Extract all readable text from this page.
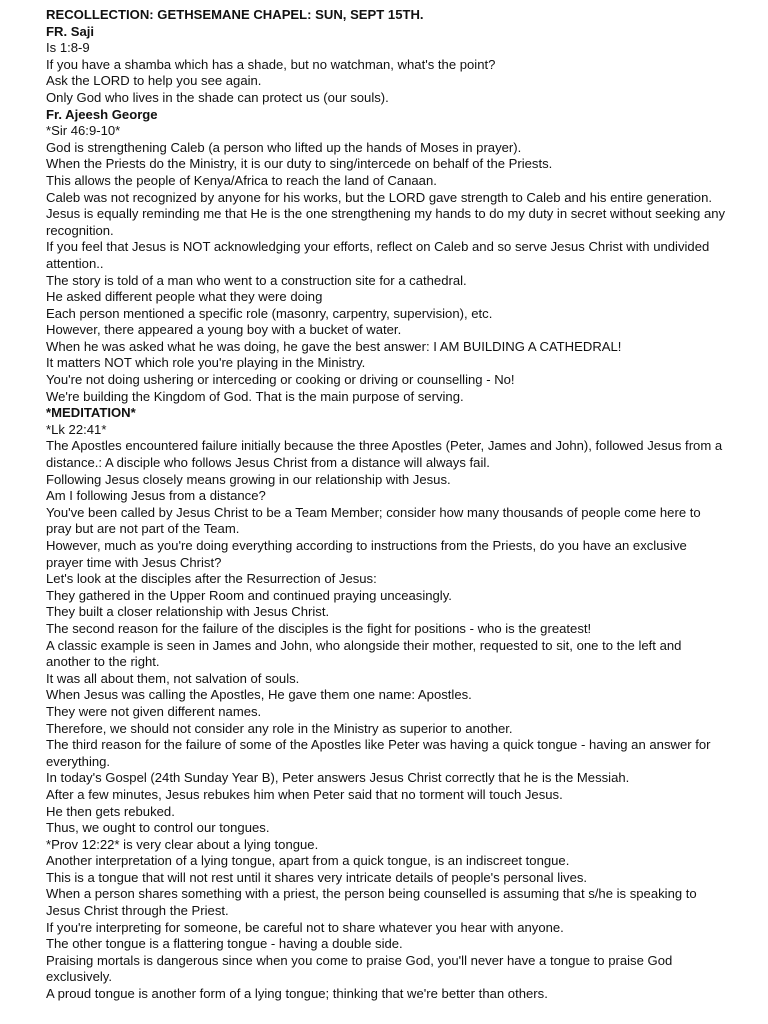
RECOLLECTION: GETHSEMANE CHAPEL: SUN, SEPT 15TH.
FR. Saji
Is 1:8-9
If you have a shamba which has a shade, but no watchman, what's the point?
Ask the LORD to help you see again.
Only God who lives in the shade can protect us (our souls).
Fr. Ajeesh George
*Sir 46:9-10*
God is strengthening Caleb (a person who lifted up the hands of Moses in prayer).
When the Priests do the Ministry, it is our duty to sing/intercede on behalf of the Priests.
This allows the people of Kenya/Africa to reach the land of Canaan.
Caleb was not recognized by anyone for his works, but the LORD gave strength to Caleb and his entire generation.
Jesus is equally reminding me that He is the one strengthening my hands to do my duty in secret without seeking any recognition.
If you feel that Jesus is NOT acknowledging your efforts, reflect on Caleb and so serve Jesus Christ with undivided attention..
The story is told of a man who went to a construction site for a cathedral.
He asked different people what they were doing
Each person mentioned a specific role (masonry, carpentry, supervision), etc.
However, there appeared a young boy with a bucket of water.
When he was asked what he was doing, he gave the best answer: I AM BUILDING A CATHEDRAL!
It matters NOT which role you're playing in the Ministry.
You're not doing ushering or interceding or cooking or driving or counselling - No!
We're building the Kingdom of God. That is the main purpose of serving.
*MEDITATION*
*Lk 22:41*
The Apostles encountered failure initially because the three Apostles (Peter, James and John), followed Jesus from a distance.: A disciple who follows Jesus Christ from a distance will always fail.
Following Jesus closely means growing in our relationship with Jesus.
Am I following Jesus from a distance?
You've been called by Jesus Christ to be a Team Member; consider how many thousands of people come here to pray but are not part of the Team.
However, much as you're doing everything according to instructions from the Priests, do you have an exclusive prayer time with Jesus Christ?
Let's look at the disciples after the Resurrection of Jesus:
They gathered in the Upper Room and continued praying unceasingly.
They built a closer relationship with Jesus Christ.
The second reason for the failure of the disciples is the fight for positions - who is the greatest!
A classic example is seen in James and John, who alongside their mother, requested to sit, one to the left and another to the right.
It was all about them, not salvation of souls.
When Jesus was calling the Apostles, He gave them one name: Apostles.
They were not given different names.
Therefore, we should not consider any role in the Ministry as superior to another.
The third reason for the failure of some of the Apostles like Peter was having a quick tongue - having an answer for everything.
In today's Gospel (24th Sunday Year B), Peter answers Jesus Christ correctly that he is the Messiah.
After a few minutes, Jesus rebukes him when Peter said that no torment will touch Jesus.
He then gets rebuked.
Thus, we ought to control our tongues.
*Prov 12:22* is very clear about a lying tongue.
Another interpretation of a lying tongue, apart from a quick tongue, is an indiscreet tongue.
This is a tongue that will not rest until it shares very intricate details of people's personal lives.
When a person shares something with a priest, the person being counselled is assuming that s/he is speaking to Jesus Christ through the Priest.
If you're interpreting for someone, be careful not to share whatever you hear with anyone.
The other tongue is a flattering tongue - having a double side.
Praising mortals is dangerous since when you come to praise God, you'll never have a tongue to praise God exclusively.
A proud tongue is another form of a lying tongue; thinking that we're better than others.
